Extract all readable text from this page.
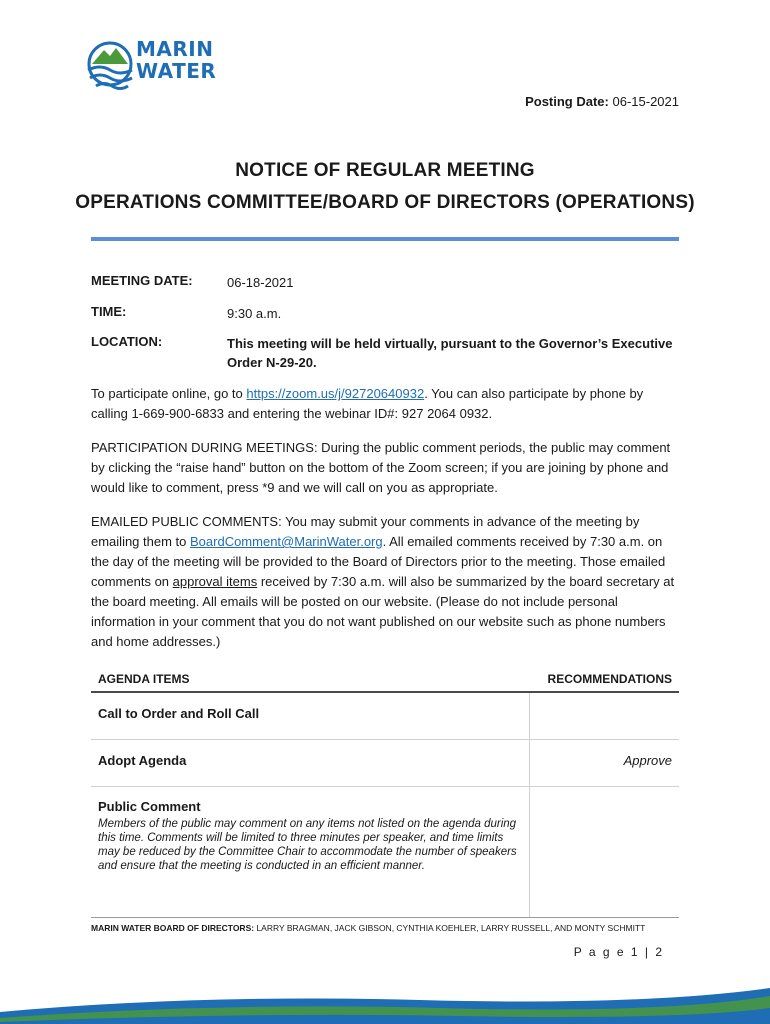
MARIN
WATER
Posting Date: 06-15-2021
NOTICE OF REGULAR MEETING
OPERATIONS COMMITTEE/BOARD OF DIRECTORS (OPERATIONS)
MEETING DATE:	06-18-2021
TIME:	9:30 a.m.
LOCATION:	This meeting will be held virtually, pursuant to the Governor’s Executive Order N-29-20.
To participate online, go to https://zoom.us/j/92720640932. You can also participate by phone by calling 1-669-900-6833 and entering the webinar ID#: 927 2064 0932.
PARTICIPATION DURING MEETINGS: During the public comment periods, the public may comment by clicking the “raise hand” button on the bottom of the Zoom screen; if you are joining by phone and would like to comment, press *9 and we will call on you as appropriate.
EMAILED PUBLIC COMMENTS: You may submit your comments in advance of the meeting by emailing them to BoardComment@MarinWater.org. All emailed comments received by 7:30 a.m. on the day of the meeting will be provided to the Board of Directors prior to the meeting. Those emailed comments on approval items received by 7:30 a.m. will also be summarized by the board secretary at the board meeting. All emails will be posted on our website. (Please do not include personal information in your comment that you do not want published on our website such as phone numbers and home addresses.)
AGENDA ITEMS	RECOMMENDATIONS
Call to Order and Roll Call
Adopt Agenda	Approve
Public Comment
Members of the public may comment on any items not listed on the agenda during this time. Comments will be limited to three minutes per speaker, and time limits may be reduced by the Committee Chair to accommodate the number of speakers and ensure that the meeting is conducted in an efficient manner.
MARIN WATER BOARD OF DIRECTORS: LARRY BRAGMAN, JACK GIBSON, CYNTHIA KOEHLER, LARRY RUSSELL, AND MONTY SCHMITT
P a g e 1 | 2
